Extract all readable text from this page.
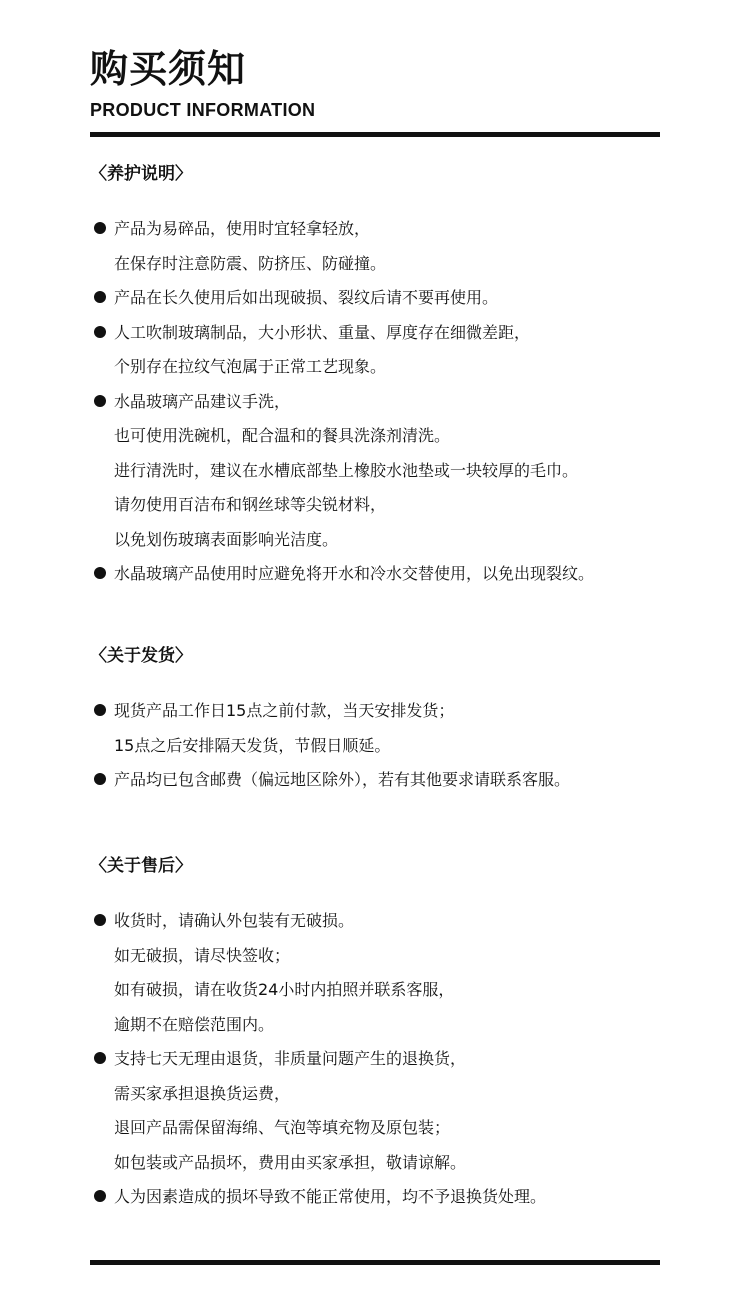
购买须知
PRODUCT INFORMATION
〈养护说明〉
产品为易碎品，使用时宜轻拿轻放，
在保存时注意防震、防挤压、防碰撞。
产品在长久使用后如出现破损、裂纹后请不要再使用。
人工吹制玻璃制品，大小形状、重量、厚度存在细微差距，
个别存在拉纹气泡属于正常工艺现象。
水晶玻璃产品建议手洗，
也可使用洗碗机，配合温和的餐具洗涤剂清洗。
进行清洗时，建议在水槽底部垫上橡胶水池垫或一块较厚的毛巾。
请勿使用百洁布和钢丝球等尖锐材料，
以免划伤玻璃表面影响光洁度。
水晶玻璃产品使用时应避免将开水和冷水交替使用，以免出现裂纹。
〈关于发货〉
现货产品工作日15点之前付款，当天安排发货；
15点之后安排隔天发货，节假日顺延。
产品均已包含邮费（偏远地区除外），若有其他要求请联系客服。
〈关于售后〉
收货时，请确认外包装有无破损。
如无破损，请尽快签收；
如有破损，请在收货24小时内拍照并联系客服，
逾期不在赔偿范围内。
支持七天无理由退货，非质量问题产生的退换货，
需买家承担退换货运费，
退回产品需保留海绵、气泡等填充物及原包装；
如包装或产品损坏，费用由买家承担，敬请谅解。
人为因素造成的损坏导致不能正常使用，均不予退换货处理。
